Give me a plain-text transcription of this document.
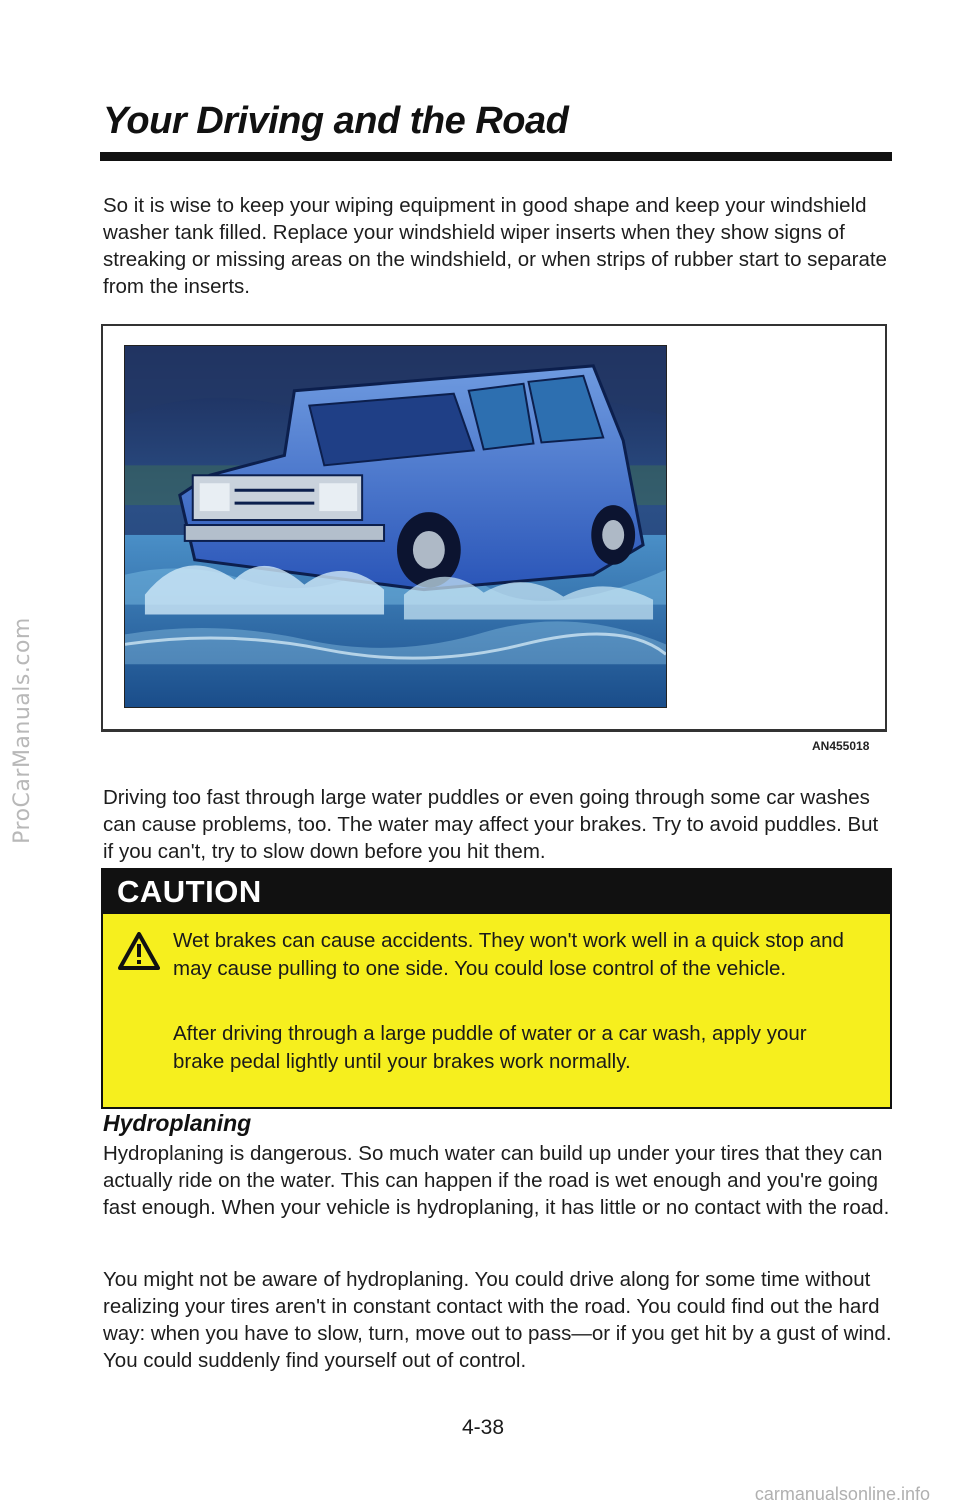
ProCarManuals.com
Your Driving and the Road

So it is wise to keep your wiping equipment in good shape and keep your windshield washer tank filled. Replace your windshield wiper inserts when they show signs of streaking or missing areas on the windshield, or when strips of rubber start to separate from the inserts.

AN455018

Driving too fast through large water puddles or even going through some car washes can cause problems, too. The water may affect your brakes. Try to avoid puddles. But if you can't, try to slow down before you hit them.

CAUTION

Wet brakes can cause accidents. They won't work well in a quick stop and may cause pulling to one side. You could lose control of the vehicle.

After driving through a large puddle of water or a car wash, apply your brake pedal lightly until your brakes work normally.

Hydroplaning

Hydroplaning is dangerous. So much water can build up under your tires that they can actually ride on the water. This can happen if the road is wet enough and you're going fast enough. When your vehicle is hydroplaning, it has little or no contact with the road.

You might not be aware of hydroplaning. You could drive along for some time without realizing your tires aren't in constant contact with the road. You could find out the hard way: when you have to slow, turn, move out to pass—or if you get hit by a gust of wind. You could suddenly find yourself out of control.

4-38
carmanualsonline.info
